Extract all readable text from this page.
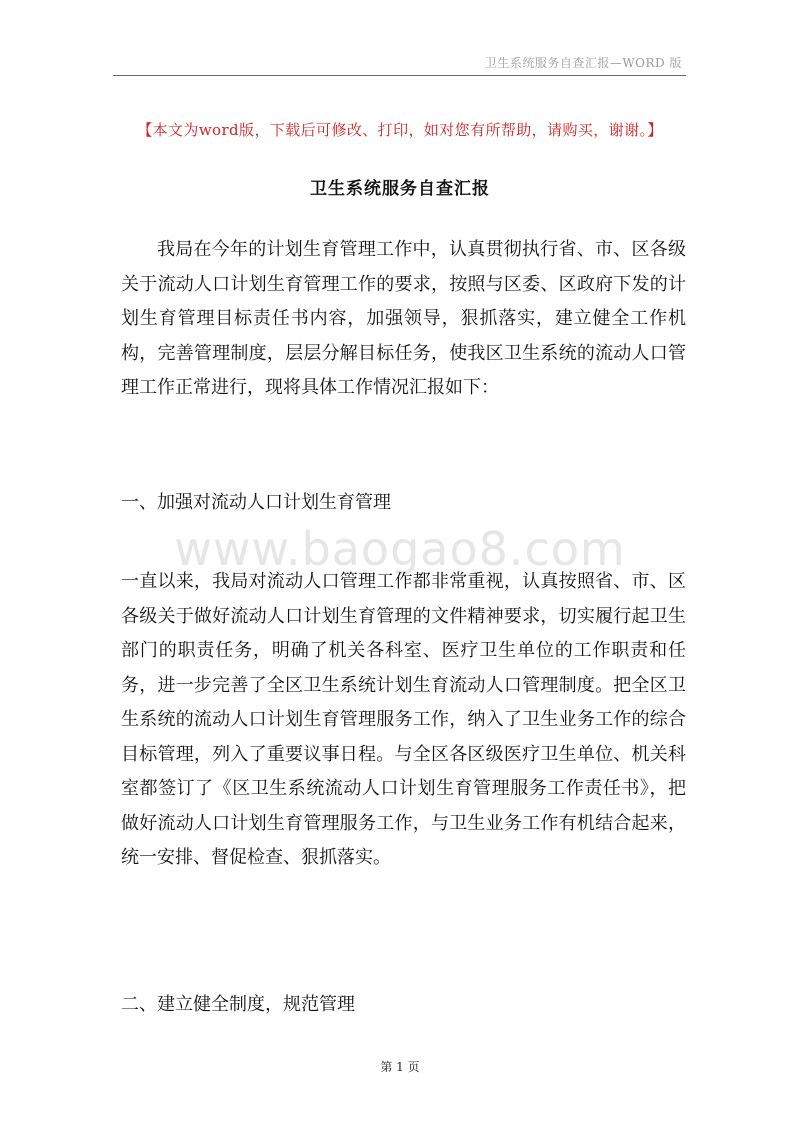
卫生系统服务自查汇报—WORD 版
【本文为word版，下载后可修改、打印，如对您有所帮助，请购买，谢谢。】
卫生系统服务自查汇报

我局在今年的计划生育管理工作中，认真贯彻执行省、市、区各级关于流动人口计划生育管理工作的要求，按照与区委、区政府下发的计划生育管理目标责任书内容，加强领导，狠抓落实，建立健全工作机构，完善管理制度，层层分解目标任务，使我区卫生系统的流动人口管理工作正常进行，现将具体工作情况汇报如下：

一、加强对流动人口计划生育管理

www.baogao8.com

一直以来，我局对流动人口管理工作都非常重视，认真按照省、市、区各级关于做好流动人口计划生育管理的文件精神要求，切实履行起卫生部门的职责任务，明确了机关各科室、医疗卫生单位的工作职责和任务，进一步完善了全区卫生系统计划生育流动人口管理制度。把全区卫生系统的流动人口计划生育管理服务工作，纳入了卫生业务工作的综合目标管理，列入了重要议事日程。与全区各区级医疗卫生单位、机关科室都签订了《区卫生系统流动人口计划生育管理服务工作责任书》，把做好流动人口计划生育管理服务工作，与卫生业务工作有机结合起来，统一安排、督促检查、狠抓落实。

二、建立健全制度，规范管理

第 1 页
